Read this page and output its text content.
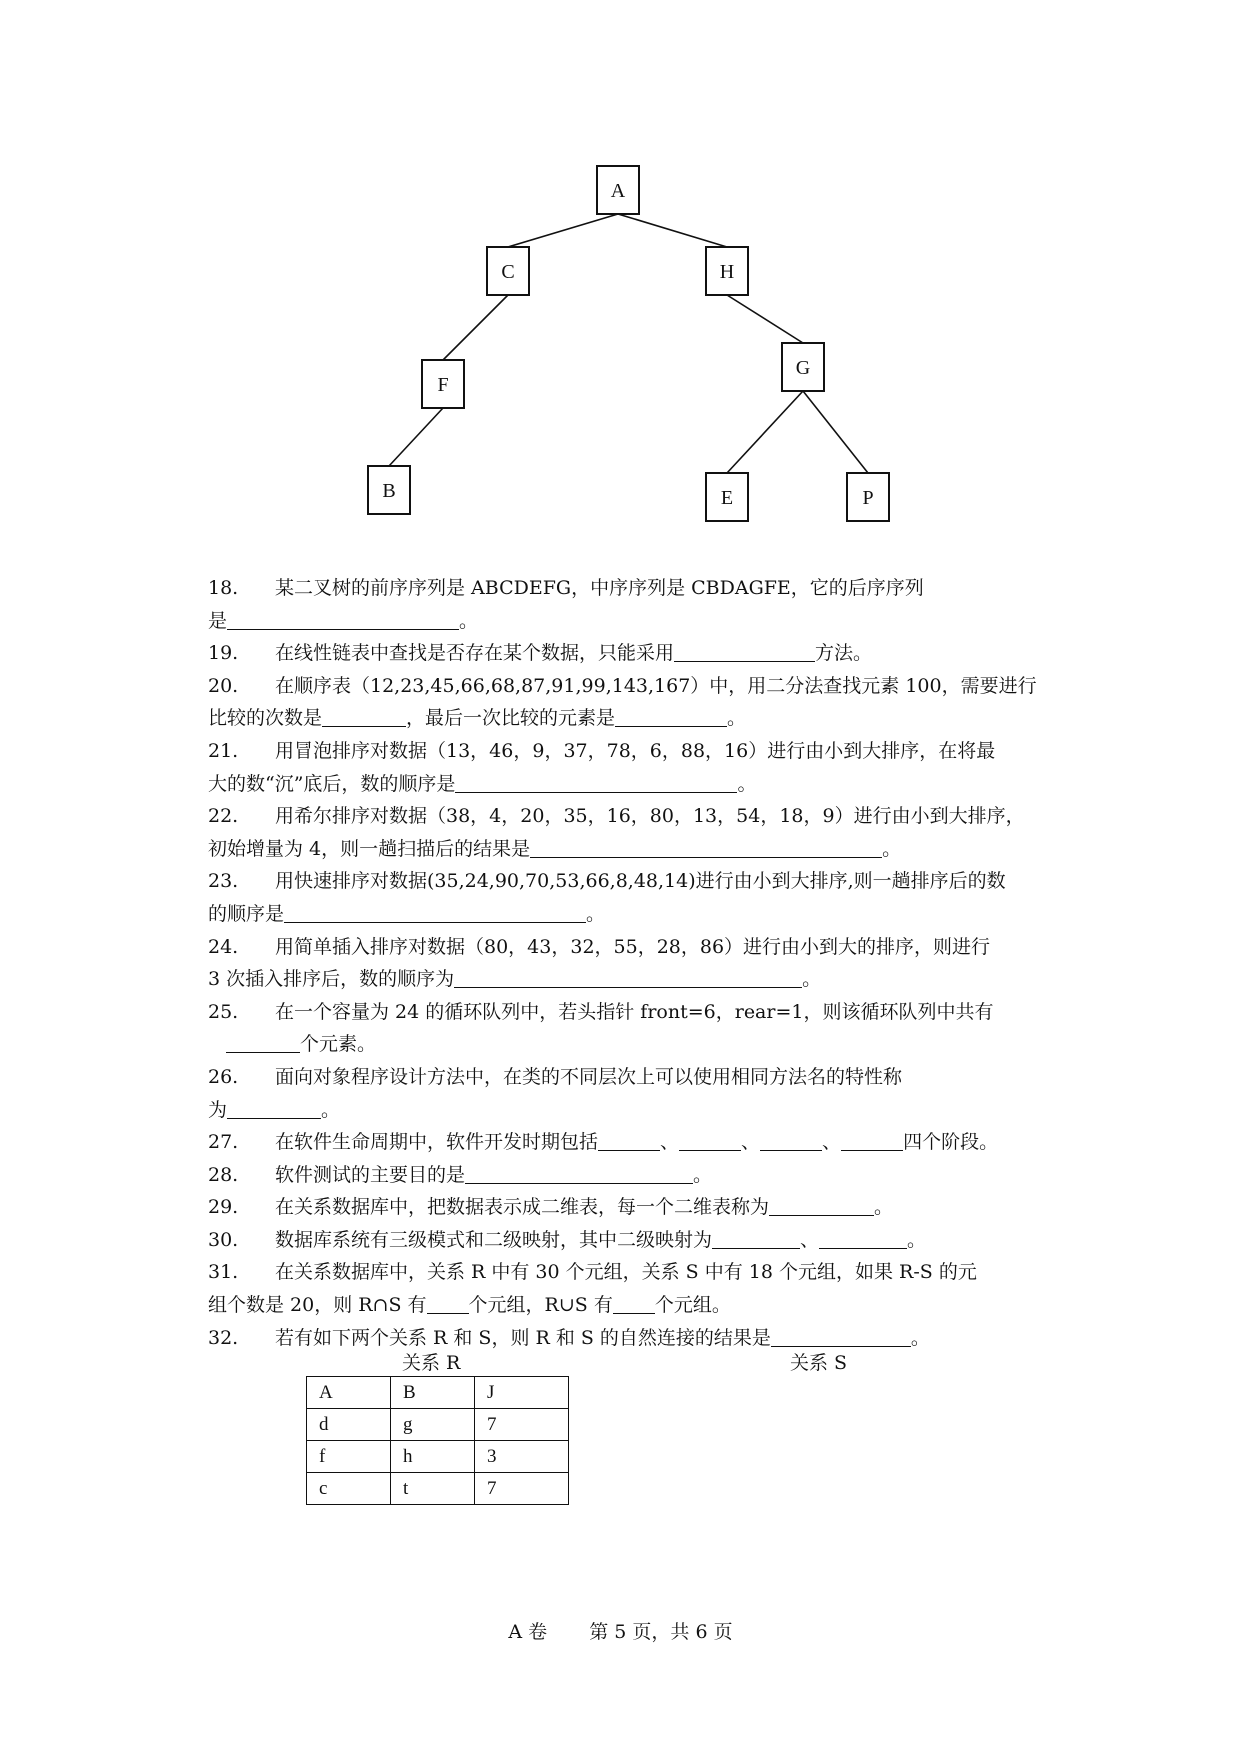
A
C	H
F
G
B	E	P
18. 某二叉树的前序序列是 ABCDEFG，中序序列是 CBDAGFE，它的后序序列
是	。
19. 在线性链表中查找是否存在某个数据，只能采用	方法。
20. 在顺序表（12,23,45,66,68,87,91,99,143,167）中，用二分法查找元素 100，需要进行
比较的次数是	，最后一次比较的元素是	。
21. 用冒泡排序对数据（13，46，9，37，78，6，88，16）进行由小到大排序，在将最
大的数“沉”底后，数的顺序是	。
22. 用希尔排序对数据（38，4，20，35，16，80，13，54，18，9）进行由小到大排序，
初始增量为 4，则一趟扫描后的结果是	。
23. 用快速排序对数据(35,24,90,70,53,66,8,48,14)进行由小到大排序,则一趟排序后的数
的顺序是	。
24. 用简单插入排序对数据（80，43，32，55，28，86）进行由小到大的排序，则进行
3 次插入排序后，数的顺序为	。
25. 在一个容量为 24 的循环队列中，若头指针 front=6，rear=1，则该循环队列中共有
个元素。
26. 面向对象程序设计方法中，在类的不同层次上可以使用相同方法名的特性称
为	。
27. 在软件生命周期中，软件开发时期包括	、	、	、	四个阶段。
28. 软件测试的主要目的是	。
29. 在关系数据库中，把数据表示成二维表，每一个二维表称为	。
30. 数据库系统有三级模式和二级映射，其中二级映射为	、	。
31. 在关系数据库中，关系 R 中有 30 个元组，关系 S 中有 18 个元组，如果 R-S 的元
组个数是 20，则 R∩S 有 个元组，R∪S 有 个元组。
32. 若有如下两个关系 R 和 S，则 R 和 S 的自然连接的结果是	。
关系 R	关系 S
A	B	J
d	g	7
f	h	3
c	t	7
A 卷 第 5 页，共 6 页
